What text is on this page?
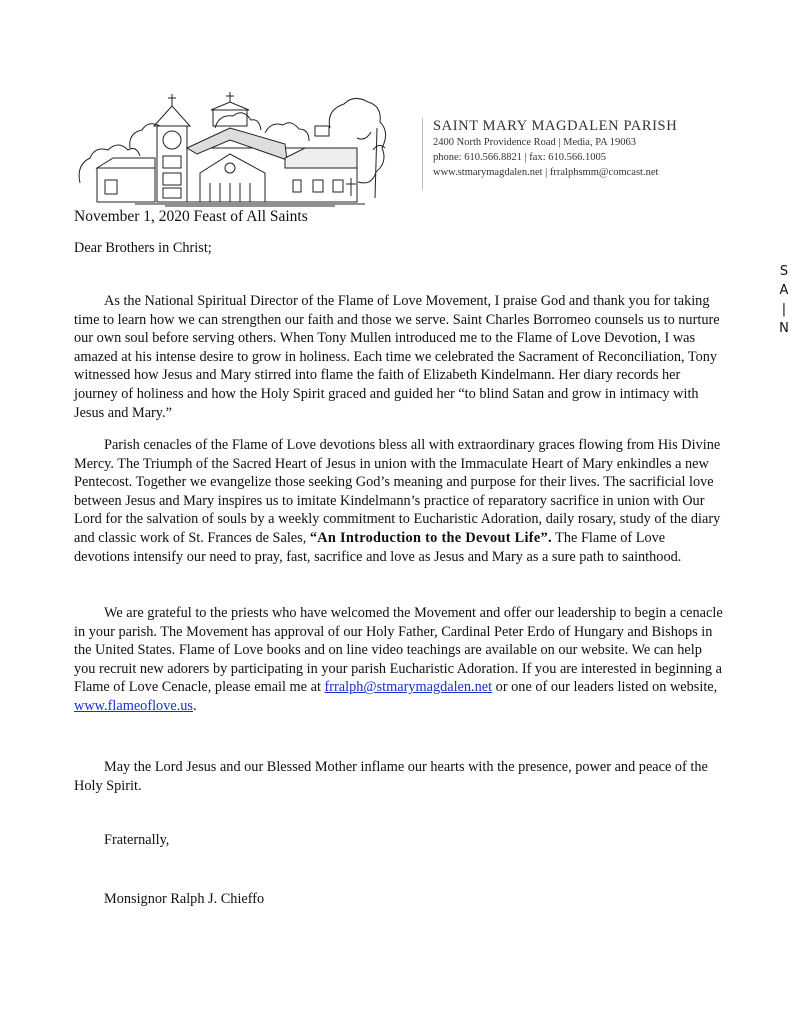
SAINT MARY MAGDALEN PARISH
2400 North Providence Road | Media, PA 19063
phone: 610.566.8821 | fax: 610.566.1005
www.stmarymagdalen.net | frralphsmm@comcast.net
S
A
|
N
November 1, 2020 Feast of All Saints
Dear Brothers in Christ;

As the National Spiritual Director of the Flame of Love Movement, I praise God and thank you for taking time to learn how we can strengthen our faith and those we serve. Saint Charles Borromeo counsels us to nurture our own soul before serving others. When Tony Mullen introduced me to the Flame of Love Devotion, I was amazed at his intense desire to grow in holiness. Each time we celebrated the Sacrament of Reconciliation, Tony witnessed how Jesus and Mary stirred into flame the faith of Elizabeth Kindelmann. Her diary records her journey of holiness and how the Holy Spirit graced and guided her “to blind Satan and grow in intimacy with Jesus and Mary.”

Parish cenacles of the Flame of Love devotions bless all with extraordinary graces flowing from His Divine Mercy. The Triumph of the Sacred Heart of Jesus in union with the Immaculate Heart of Mary enkindles a new Pentecost. Together we evangelize those seeking God’s meaning and purpose for their lives. The sacrificial love between Jesus and Mary inspires us to imitate Kindelmann’s practice of reparatory sacrifice in union with Our Lord for the salvation of souls by a weekly commitment to Eucharistic Adoration, daily rosary, study of the diary and classic work of St. Frances de Sales, “An Introduction to the Devout Life”. The Flame of Love devotions intensify our need to pray, fast, sacrifice and love as Jesus and Mary as a sure path to sainthood.

We are grateful to the priests who have welcomed the Movement and offer our leadership to begin a cenacle in your parish. The Movement has approval of our Holy Father, Cardinal Peter Erdo of Hungary and Bishops in the United States. Flame of Love books and on line video teachings are available on our website. We can help you recruit new adorers by participating in your parish Eucharistic Adoration. If you are interested in beginning a Flame of Love Cenacle, please email me at frralph@stmarymagdalen.net or one of our leaders listed on website, www.flameoflove.us.

May the Lord Jesus and our Blessed Mother inflame our hearts with the presence, power and peace of the Holy Spirit.

Fraternally,
Monsignor Ralph J. Chieffo
